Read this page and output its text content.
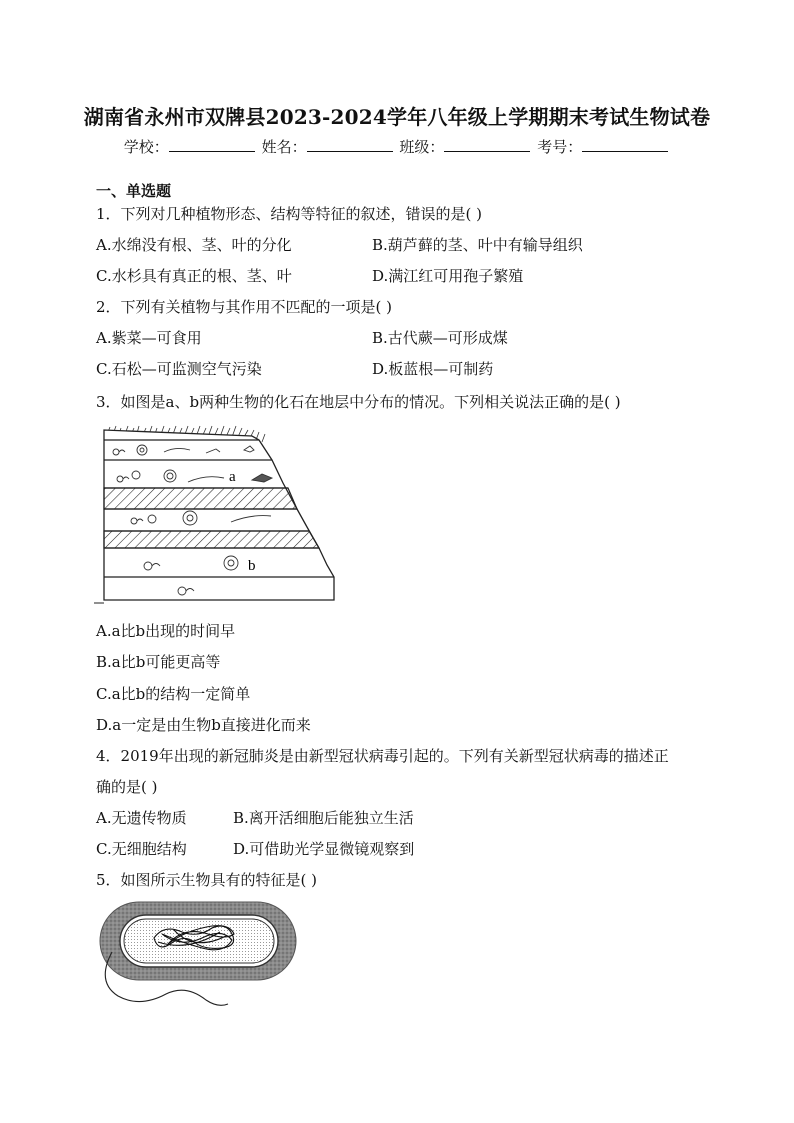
湖南省永州市双牌县2023-2024学年八年级上学期期末考试生物试卷
学校：	姓名：	班级：	考号：
一、单选题
1．下列对几种植物形态、结构等特征的叙述，错误的是( )
A.水绵没有根、茎、叶的分化	B.葫芦藓的茎、叶中有输导组织
C.水杉具有真正的根、茎、叶	D.满江红可用孢子繁殖
2．下列有关植物与其作用不匹配的一项是( )
A.紫菜—可食用	B.古代蕨—可形成煤
C.石松—可监测空气污染	D.板蓝根—可制药
3．如图是a、b两种生物的化石在地层中分布的情况。下列相关说法正确的是( )
a
b
A.a比b出现的时间早
B.a比b可能更高等
C.a比b的结构一定简单
D.a一定是由生物b直接进化而来
4．2019年出现的新冠肺炎是由新型冠状病毒引起的。下列有关新型冠状病毒的描述正
确的是( )
A.无遗传物质	B.离开活细胞后能独立生活
C.无细胞结构	D.可借助光学显微镜观察到
5．如图所示生物具有的特征是( )
